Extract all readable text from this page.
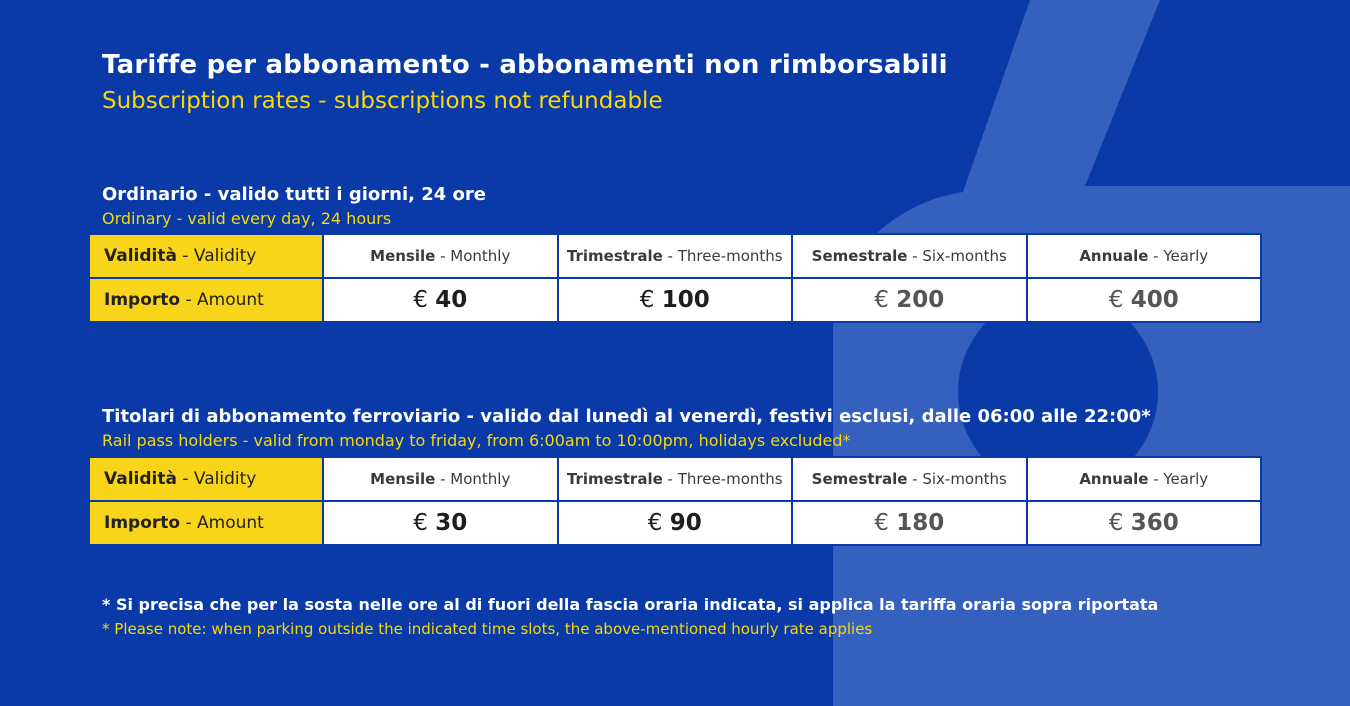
Tariffe per abbonamento - abbonamenti non rimborsabili

Subscription rates - subscriptions not refundable

Ordinario - valido tutti i giorni, 24 ore

Ordinary - valid every day, 24 hours

Validità - Validity	Mensile - Monthly	Trimestrale - Three-months	Semestrale - Six-months	Annuale - Yearly
Importo - Amount	€ 40	€ 100	€ 200	€ 400

Titolari di abbonamento ferroviario - valido dal lunedì al venerdì, festivi esclusi, dalle 06:00 alle 22:00*

Rail pass holders - valid from monday to friday, from 6:00am to 10:00pm, holidays excluded*

Validità - Validity	Mensile - Monthly	Trimestrale - Three-months	Semestrale - Six-months	Annuale - Yearly
Importo - Amount	€ 30	€ 90	€ 180	€ 360

* Si precisa che per la sosta nelle ore al di fuori della fascia oraria indicata, si applica la tariffa oraria sopra riportata

* Please note: when parking outside the indicated time slots, the above-mentioned hourly rate applies
